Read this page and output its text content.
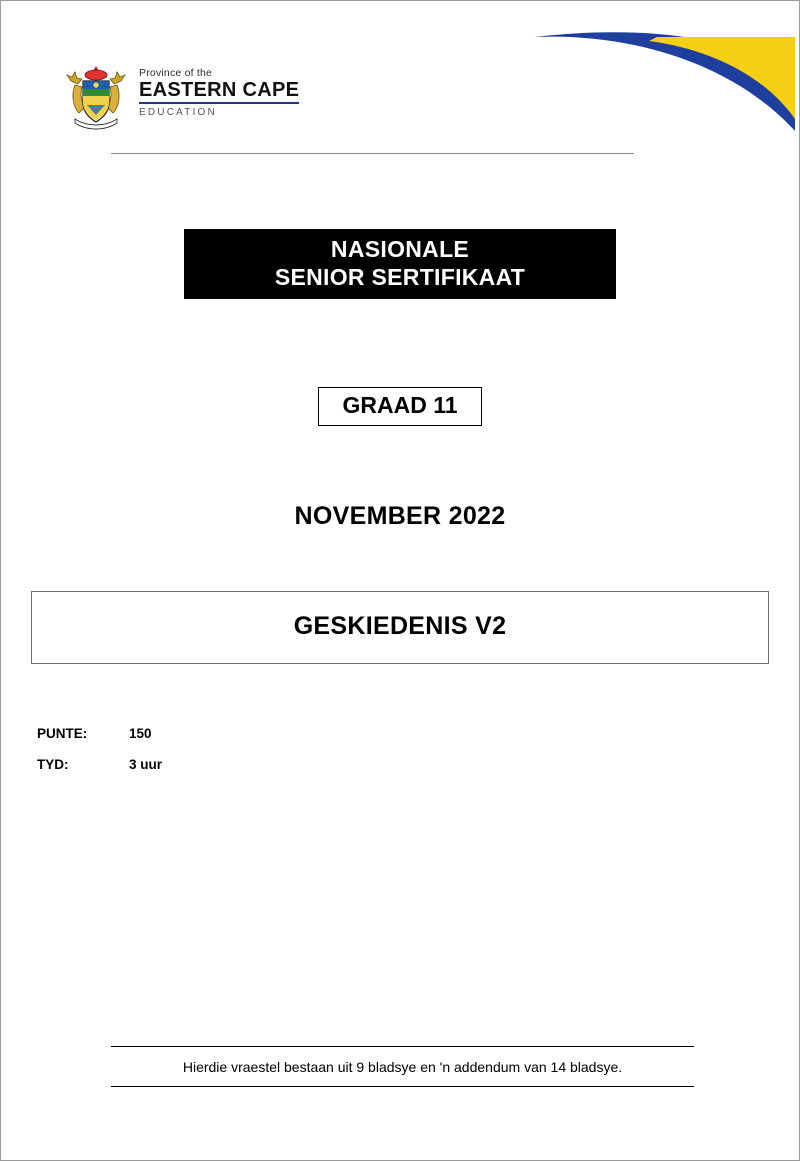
Province of the
EASTERN CAPE
EDUCATION
NASIONALE
SENIOR SERTIFIKAAT
GRAAD 11
NOVEMBER 2022
GESKIEDENIS V2
PUNTE:	150
TYD:	3 uur
Hierdie vraestel bestaan uit 9 bladsye en 'n addendum van 14 bladsye.
